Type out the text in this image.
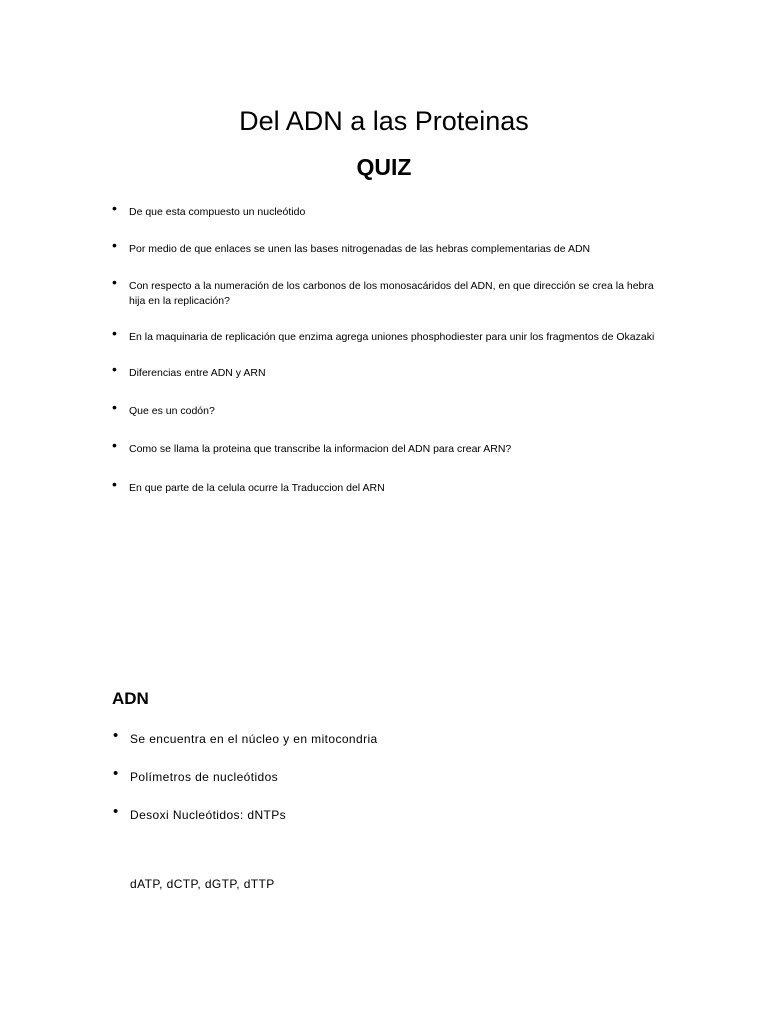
Del ADN a las Proteinas
QUIZ
• De que esta compuesto un nucleótido
• Por medio de que enlaces se unen las bases nitrogenadas de las hebras complementarias de ADN
• Con respecto a la numeración de los carbonos de los monosacáridos del ADN, en que dirección se crea la hebra hija en la replicación?
• En la maquinaria de replicación que enzima agrega uniones phosphodiester para unir los fragmentos de Okazaki
• Diferencias entre ADN y ARN
• Que es un codón?
• Como se llama la proteina que transcribe la informacion del ADN para crear ARN?
• En que parte de la celula ocurre la Traduccion del ARN
ADN
• Se encuentra en el núcleo y en mitocondria
• Polímetros de nucleótidos
• Desoxi Nucleótidos: dNTPs

dATP, dCTP, dGTP, dTTP
